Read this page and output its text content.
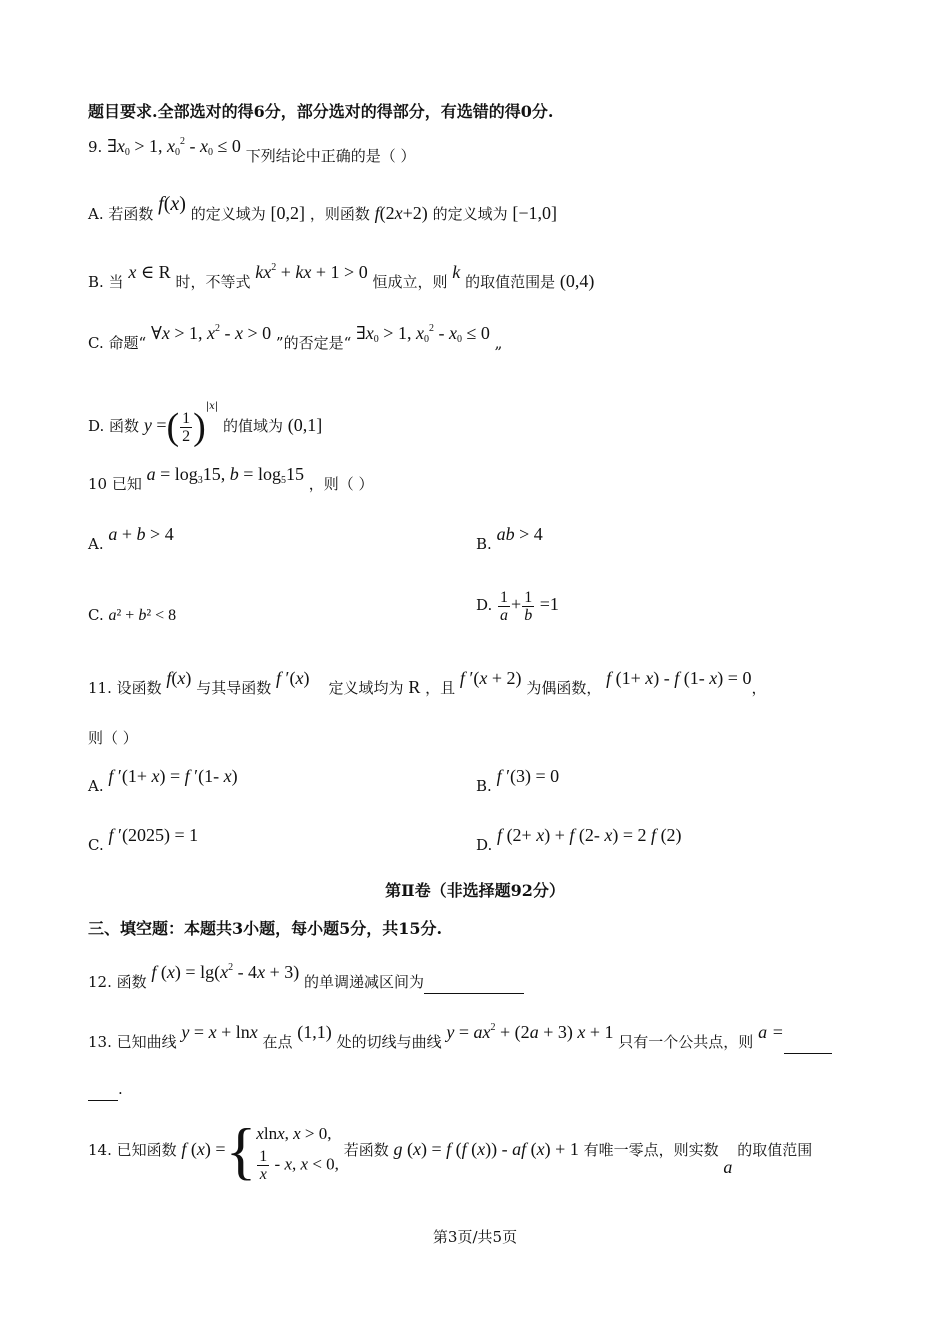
题目要求.全部选对的得6分，部分选对的得部分，有选错的得0分.
9. $\exists x_0 > 1$, $x_0^2 - x_0 \le 0$ 下列结论中正确的是（ ）
A. 若函数 f(x) 的定义域为 [0,2] ，则函数 f(2x+2) 的定义域为 [−1,0]
B. 当 x ∈ R 时，不等式 $kx^2$ + kx + 1 > 0 恒成立，则 k 的取值范围是 (0,4)
C. 命题“ ∀x > 1, $x^2 - x > 0$ ”的否定是“ $\exists x_0 > 1$, $x_0^2 - x_0 \le 0$ „
D. 函数 y =( $\frac{1}{2} )^{|x|}$ 的值域为 (0,1]
10 已知 $a = \log_315$, $b = \log_515$ ，则（ ）
A. a + b > 4	B. ab > 4
C. a² + b² < 8
D. $\frac{1}{a} + \frac{1}{b} =1$
11. 设函数 f(x) 与其导函数 f ′(x) 定义域均为 R ，且 f ′(x + 2) 为偶函数， f (1+ x) - f (1- x) = 0，
则（ ）
A. f ′(1+ x) = f ′(1- x)	B. f ′(3) = 0
C. f ′(2025) = 1	D. f (2+ x) + f (2- x) = 2 f (2)
第Ⅱ卷（非选择题92分）
三、填空题：本题共3小题，每小题5分，共15分.
12. 函数 f $(x) = \lg(x^2 - 4x + 3)$ 的单调递减区间为
13. 已知曲线 y = x + lnx 在点 (1,1) 处的切线与曲线 $y = ax^2 + (2a + 3) x + 1$ 只有一个公共点，则 a =
.
14. 已知函数 f (x) ={ xlnx, x > 0,
$\frac{1}{x}$ - x, x < 0,
若函数 g (x) = f (f (x)) - af (x) + 1 有唯一零点，则实数 a 的取值范围
第3页/共5页
